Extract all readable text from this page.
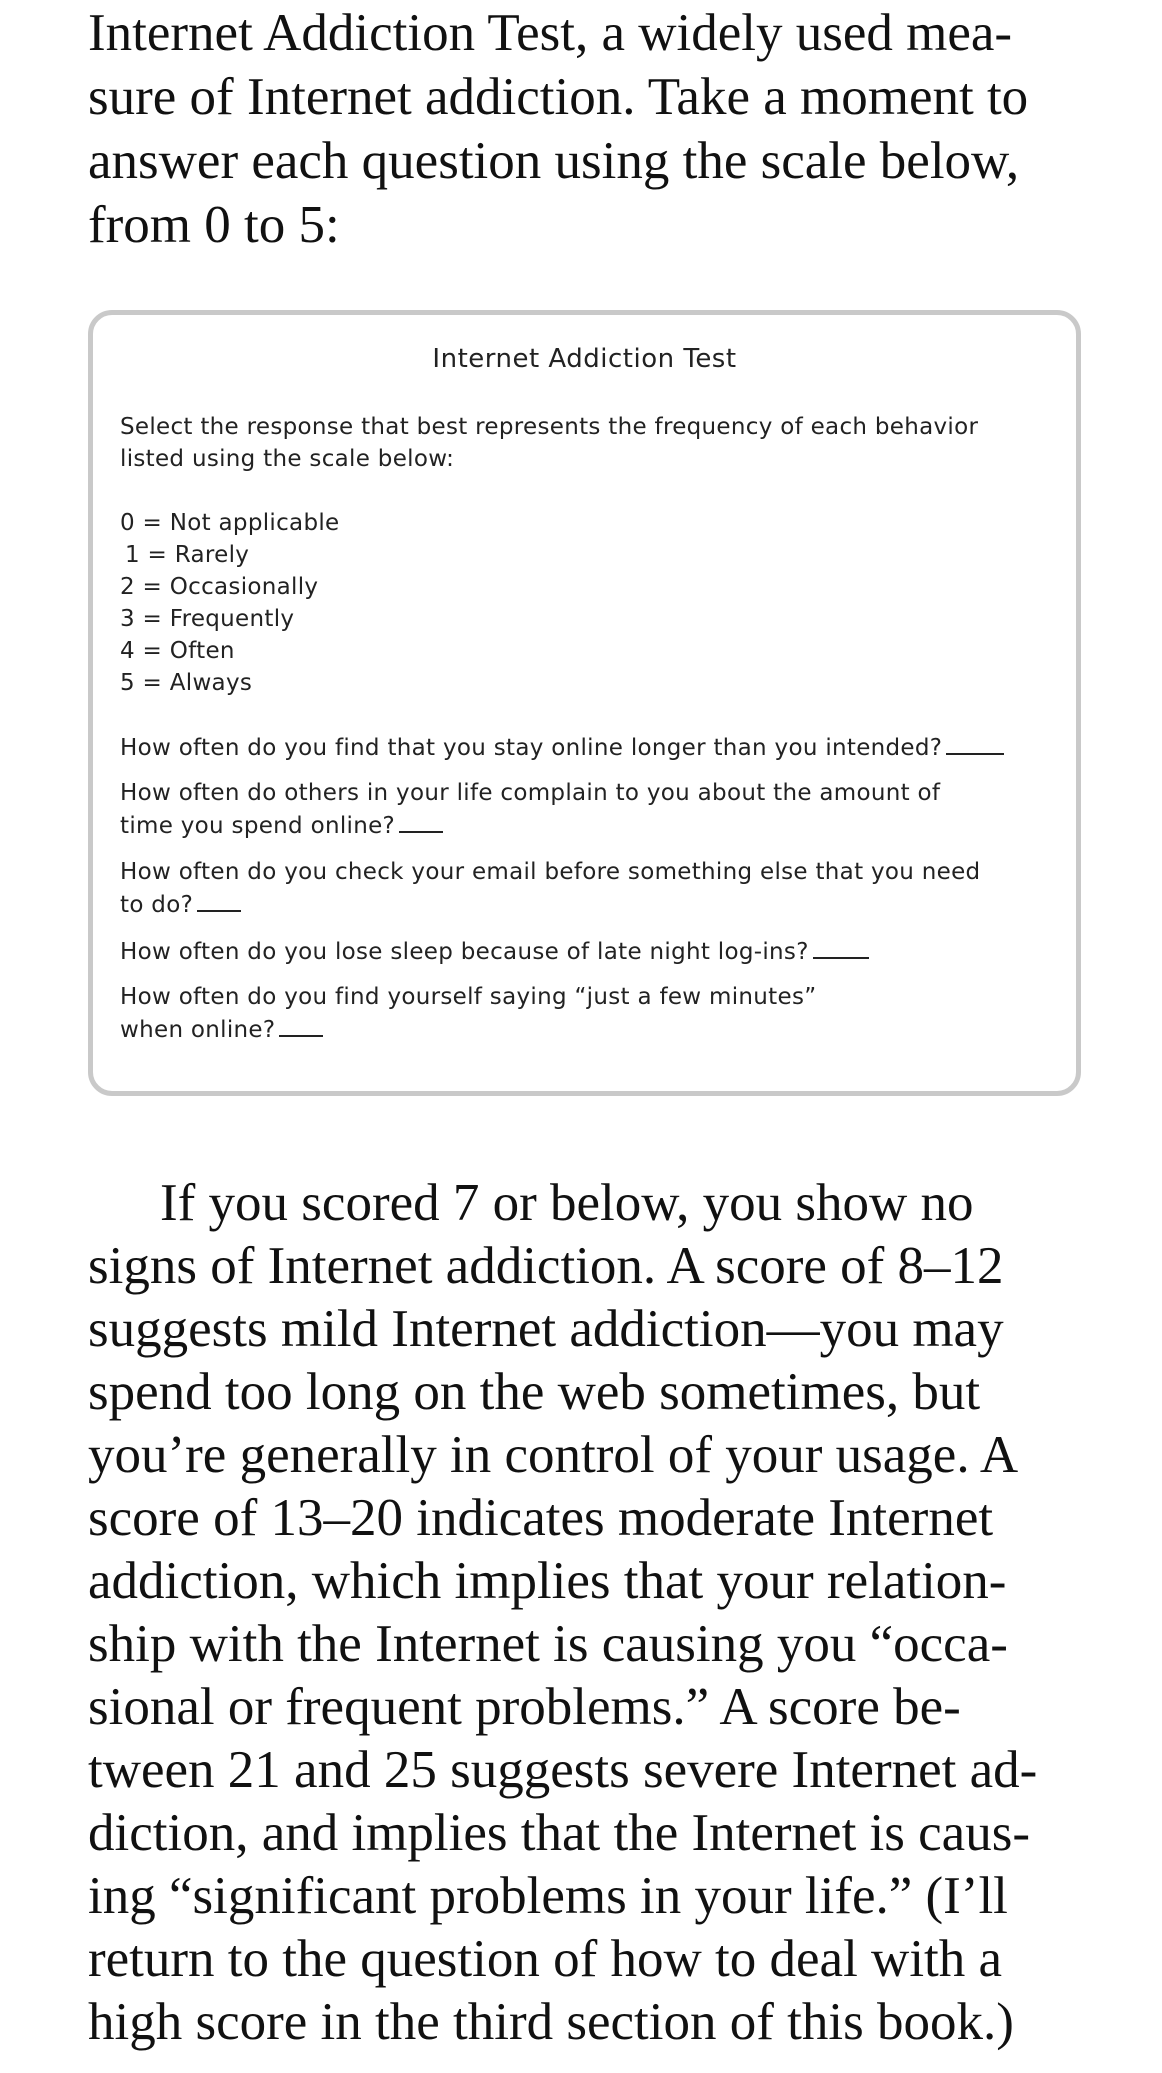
Internet Addiction Test, a widely used mea-

sure of Internet addiction. Take a moment to

answer each question using the scale below,

from 0 to 5:

Internet Addiction Test

Select the response that best represents the frequency of each behavior

listed using the scale below:

0 = Not applicable

1 = Rarely

2 = Occasionally

3 = Frequently

4 = Often

5 = Always

How often do you find that you stay online longer than you intended?

How often do others in your life complain to you about the amount of

time you spend online?

How often do you check your email before something else that you need

to do?

How often do you lose sleep because of late night log-ins?

How often do you find yourself saying “just a few minutes”

when online?

If you scored 7 or below, you show no

signs of Internet addiction. A score of 8–12

suggests mild Internet addiction—you may

spend too long on the web sometimes, but

you’re generally in control of your usage. A

score of 13–20 indicates moderate Internet

addiction, which implies that your relation-

ship with the Internet is causing you “occa-

sional or frequent problems.” A score be-

tween 21 and 25 suggests severe Internet ad-

diction, and implies that the Internet is caus-

ing “significant problems in your life.” (I’ll

return to the question of how to deal with a

high score in the third section of this book.)
